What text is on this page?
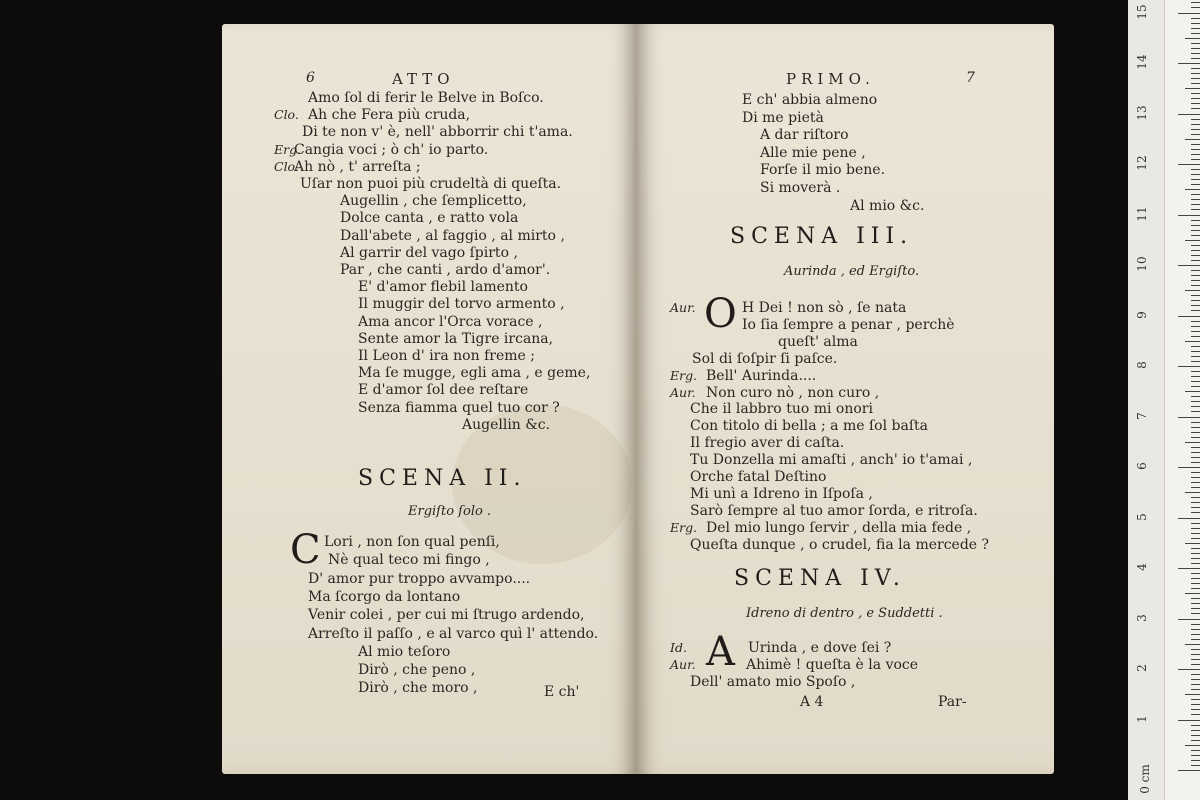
6	ATTO
Amo ſol di ferir le Belve in Boſco.
Clo. Ah che Fera più cruda,
Di te non v' è, nell' abborrir chi t'ama.
Erg.
Cangia voci ; ò ch' io parto.
Clo.
Ah nò , t' arreſta ;
Uſar non puoi più crudeltà di queſta.
Augellin , che ſemplicetto,
Dolce canta , e ratto vola
Dall'abete , al faggio , al mirto ,
Al garrir del vago ſpirto ,
Par , che canti , ardo d'amor'.
E' d'amor flebil lamento
Il muggir del torvo armento ,
Ama ancor l'Orca vorace ,
Sente amor la Tigre ircana,
Il Leon d' ira non freme ;
Ma ſe mugge, egli ama , e geme,
E d'amor ſol dee reſtare
Senza fiamma quel tuo cor ?
Augellin &c.
SCENA II.
Ergiſto ſolo .
C Lori , non ſon qual penſi,
Nè qual teco mi fingo ,
D' amor pur troppo avvampo....
Ma ſcorgo da lontano
Venir colei , per cui mi ſtrugo ardendo,
Arreſto il paſſo , e al varco quì l' attendo.
Al mio teſoro
Dirò , che peno ,
Dirò , che moro ,	E ch'
PRIMO.	7
E ch' abbia almeno
Di me pietà
A dar riſtoro
Alle mie pene ,
Forſe il mio bene.
Si moverà .
Al mio &c.
SCENA III.
Aurinda , ed Ergiſto.
O
Aur.	H Dei ! non sò , ſe nata
Io ſia ſempre a penar , perchè
queſt' alma
Sol di ſoſpir ſi paſce.
Erg. Bell' Aurinda....
Aur. Non curo nò , non curo ,
Che il labbro tuo mi onori
Con titolo di bella ; a me ſol baſta
Il fregio aver di caſta.
Tu Donzella mi amaſti , anch' io t'amai ,
Orche fatal Deſtino
Mi unì a Idreno in Iſpoſa ,
Sarò ſempre al tuo amor ſorda, e ritroſa.
Erg. Del mio lungo ſervir , della mia fede ,
Queſta dunque , o crudel, fia la mercede ?
SCENA IV.
Idreno di dentro , e Suddetti .
A
Id.	Urinda , e dove ſei ?
Aur.	Ahimè ! queſta è la voce
Dell' amato mio Spoſo ,
A 4	Par-
0 cm
1
2
3
4
5
6
7
8
9
10
11
12
13
14
15
